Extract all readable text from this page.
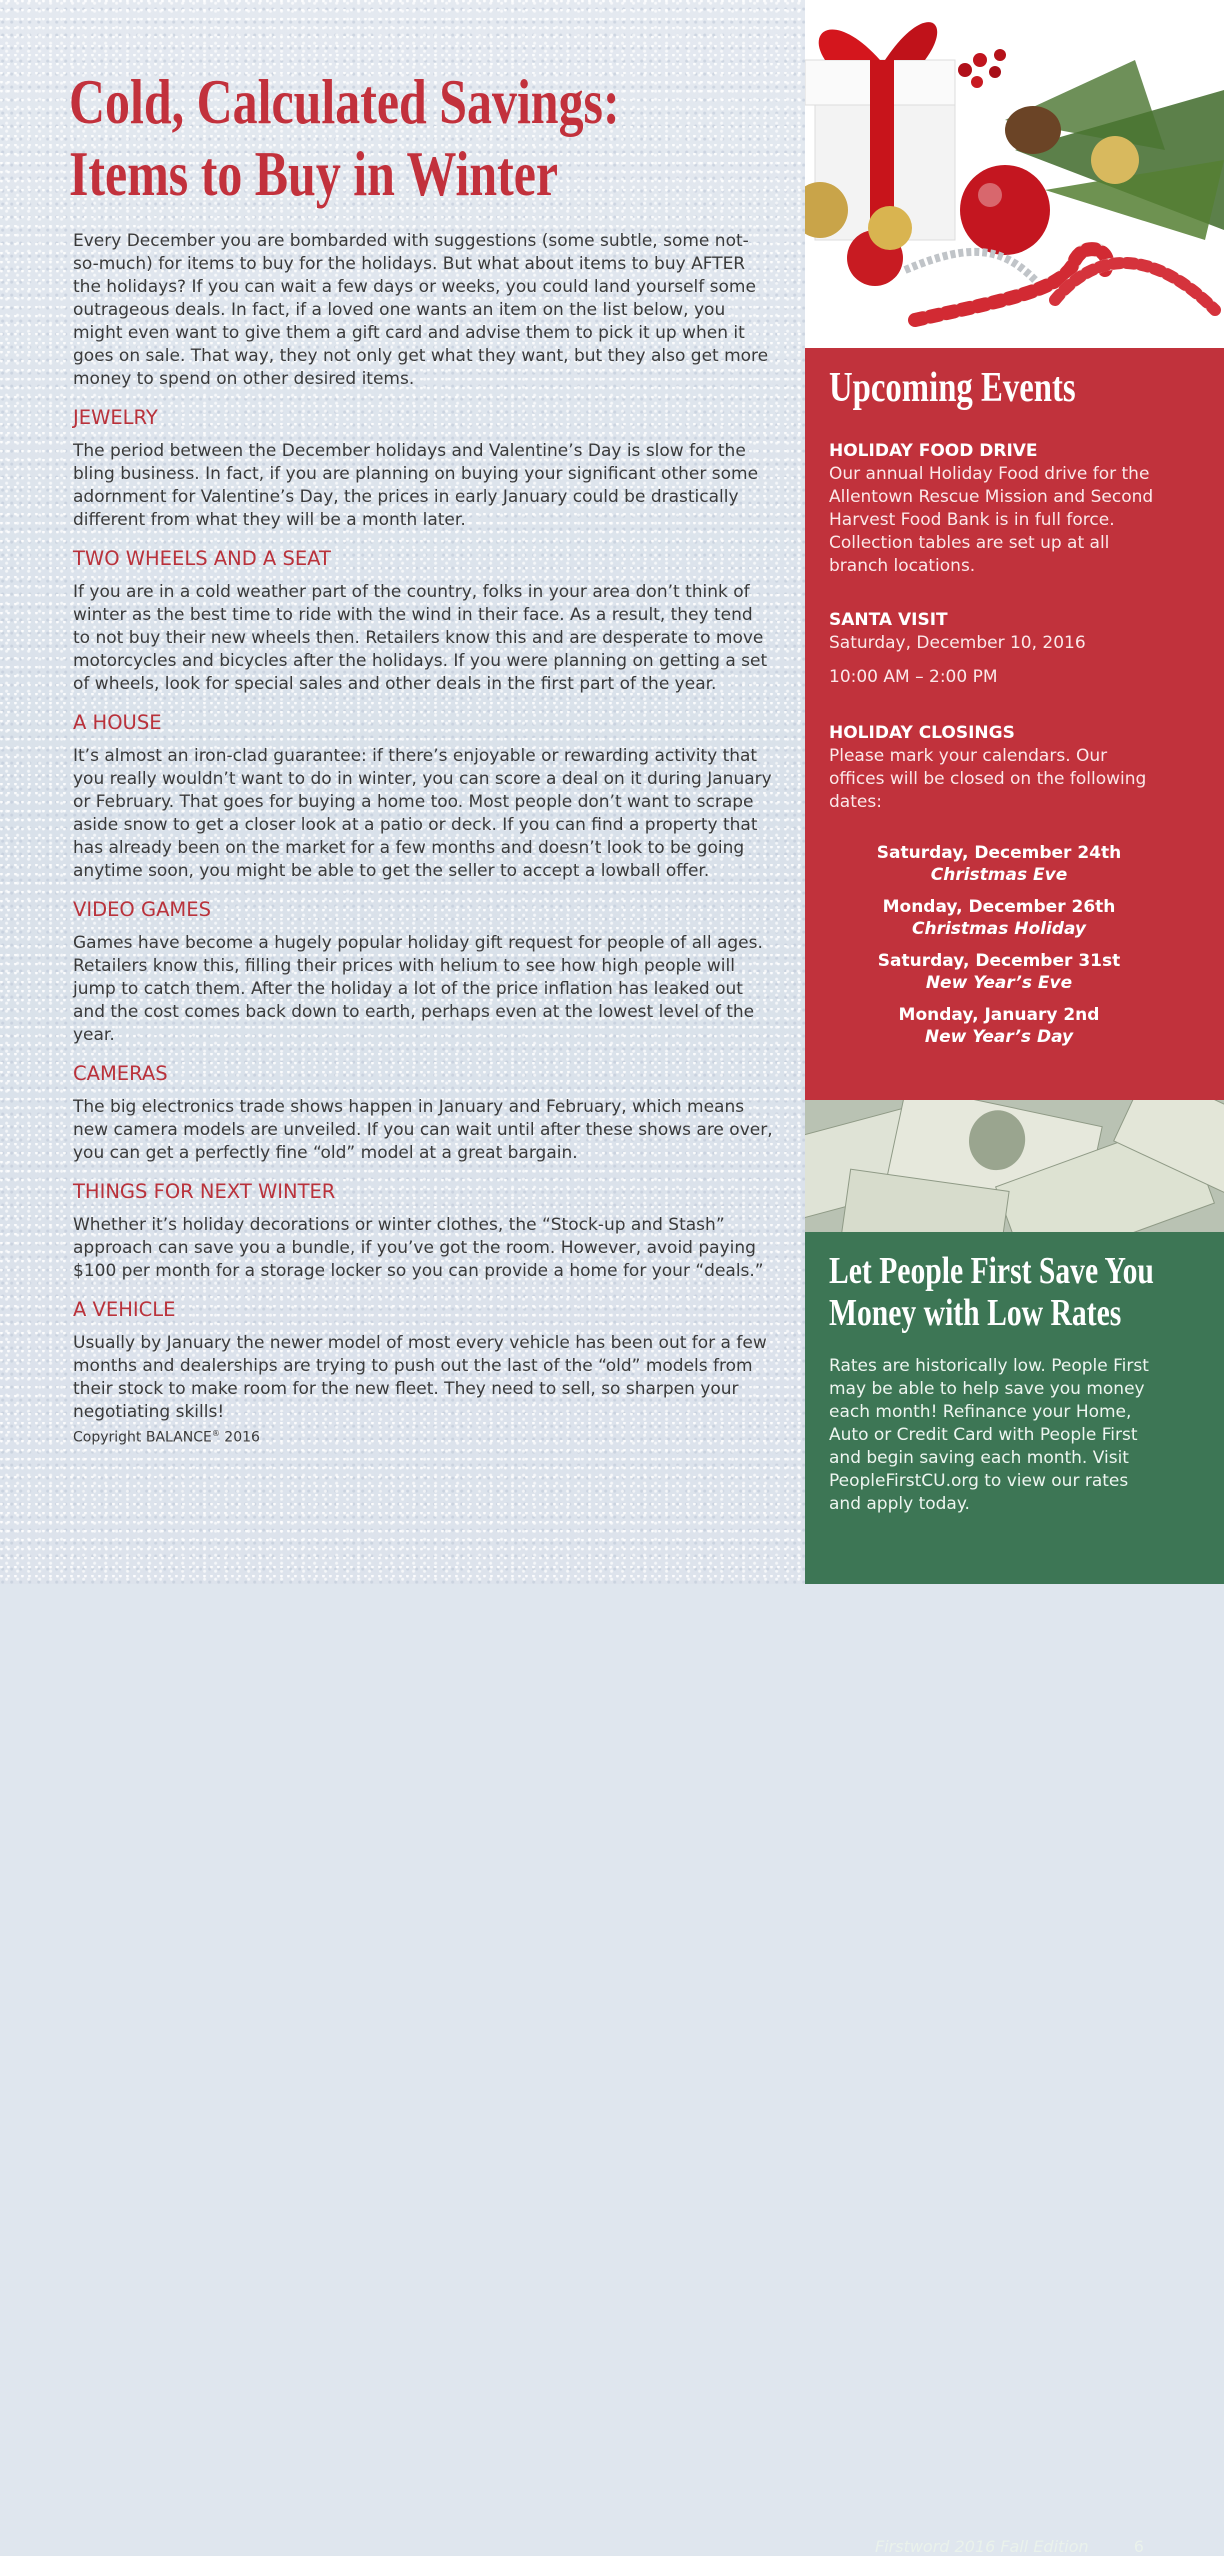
Cold, Calculated Savings:
Items to Buy in Winter

Every December you are bombarded with suggestions (some subtle, some not-so-much) for items to buy for the holidays. But what about items to buy AFTER the holidays? If you can wait a few days or weeks, you could land yourself some outrageous deals. In fact, if a loved one wants an item on the list below, you might even want to give them a gift card and advise them to pick it up when it goes on sale. That way, they not only get what they want, but they also get more money to spend on other desired items.

JEWELRY

The period between the December holidays and Valentine’s Day is slow for the bling business. In fact, if you are planning on buying your significant other some adornment for Valentine’s Day, the prices in early January could be drastically different from what they will be a month later.

TWO WHEELS AND A SEAT

If you are in a cold weather part of the country, folks in your area don’t think of winter as the best time to ride with the wind in their face. As a result, they tend to not buy their new wheels then. Retailers know this and are desperate to move motorcycles and bicycles after the holidays. If you were planning on getting a set of wheels, look for special sales and other deals in the first part of the year.

A HOUSE

It’s almost an iron-clad guarantee: if there’s enjoyable or rewarding activity that you really wouldn’t want to do in winter, you can score a deal on it during January or February. That goes for buying a home too. Most people don’t want to scrape aside snow to get a closer look at a patio or deck. If you can find a property that has already been on the market for a few months and doesn’t look to be going anytime soon, you might be able to get the seller to accept a lowball offer.

VIDEO GAMES

Games have become a hugely popular holiday gift request for people of all ages. Retailers know this, filling their prices with helium to see how high people will jump to catch them. After the holiday a lot of the price inflation has leaked out and the cost comes back down to earth, perhaps even at the lowest level of the year.

CAMERAS

The big electronics trade shows happen in January and February, which means new camera models are unveiled. If you can wait until after these shows are over, you can get a perfectly fine “old” model at a great bargain.

THINGS FOR NEXT WINTER

Whether it’s holiday decorations or winter clothes, the “Stock-up and Stash” approach can save you a bundle, if you’ve got the room. However, avoid paying $100 per month for a storage locker so you can provide a home for your “deals.”

A VEHICLE

Usually by January the newer model of most every vehicle has been out for a few months and dealerships are trying to push out the last of the “old” models from their stock to make room for the new fleet. They need to sell, so sharpen your negotiating skills!

Copyright BALANCE® 2016
Upcoming Events
HOLIDAY FOOD DRIVE
Our annual Holiday Food drive for the Allentown Rescue Mission and Second Harvest Food Bank is in full force. Collection tables are set up at all branch locations.
SANTA VISIT
Saturday, December 10, 2016
10:00 AM – 2:00 PM
HOLIDAY CLOSINGS
Please mark your calendars. Our offices will be closed on the following dates:
Saturday, December 24th
Christmas Eve
Monday, December 26th
Christmas Holiday
Saturday, December 31st
New Year’s Eve
Monday, January 2nd
New Year’s Day
Let People First Save You
Money with Low Rates

Rates are historically low. People First may be able to help save you money each month! Refinance your Home, Auto or Credit Card with People First and begin saving each month. Visit PeopleFirstCU.org to view our rates and apply today.

Firstword 2016 Fall Edition	6
